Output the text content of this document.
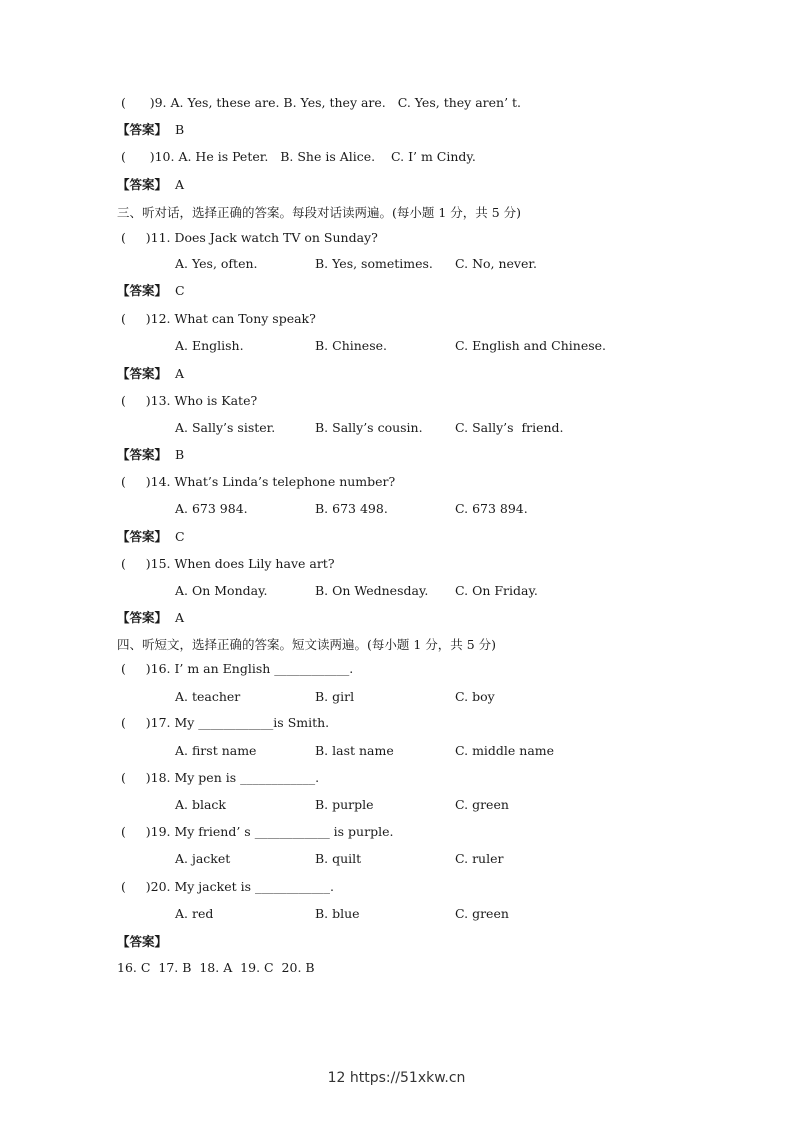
(      )9. A. Yes, these are. B. Yes, they are.   C. Yes, they aren’ t.
【答案】 B
(      )10. A. He is Peter.   B. She is Alice.    C. I’ m Cindy.
【答案】 A
三、听对话，选择正确的答案。每段对话读两遍。(每小题 1 分，共 5 分)
(     )11. Does Jack watch TV on Sunday?
A. Yes, often.	B. Yes, sometimes. C. No, never.
【答案】 C
(     )12. What can Tony speak?
A. English.	B. Chinese.	C. English and Chinese.
【答案】 A
(     )13. Who is Kate?
A. Sally’s sister.	B. Sally’s cousin.	C. Sally’s  friend.
【答案】 B
(     )14. What’s Linda’s telephone number?
A. 673 984.	B. 673 498.	C. 673 894.
【答案】 C
(     )15. When does Lily have art?
A. On Monday.	B. On Wednesday. C. On Friday.
【答案】 A
四、听短文，选择正确的答案。短文读两遍。(每小题 1 分，共 5 分)
(     )16. I’ m an English ____________.
A. teacher	B. girl	C. boy
(     )17. My ____________is Smith.
A. first name	B. last name	C. middle name
(     )18. My pen is ____________.
A. black	B. purple	C. green
(     )19. My friend’ s ____________ is purple.
A. jacket	B. quilt	C. ruler
(     )20. My jacket is ____________.
A. red	B. blue	C. green
【答案】
16. C  17. B  18. A  19. C  20. B
12 https://51xkw.cn
